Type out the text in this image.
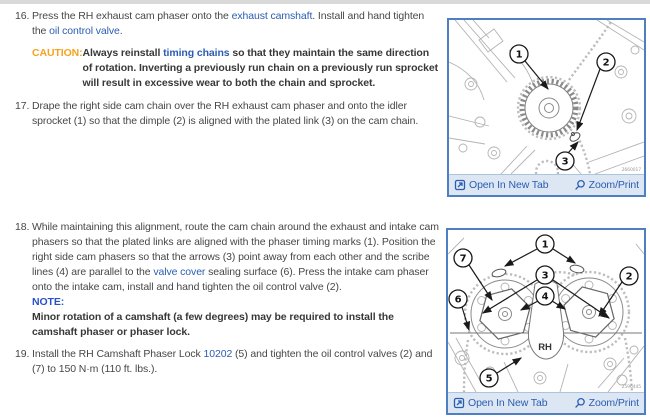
16. Press the RH exhaust cam phaser onto the exhaust camshaft. Install and hand tighten the oil control valve.
CAUTION: Always reinstall timing chains so that they maintain the same direction of rotation. Inverting a previously run chain on a previously run sprocket will result in excessive wear to both the chain and sprocket.
17. Drape the right side cam chain over the RH exhaust cam phaser and onto the idler sprocket (1) so that the dimple (2) is aligned with the plated link (3) on the cam chain.
18. While maintaining this alignment, route the cam chain around the exhaust and intake cam phasers so that the plated links are aligned with the phaser timing marks (1). Position the right side cam phasers so that the arrows (3) point away from each other and the scribe lines (4) are parallel to the valve cover sealing surface (6). Press the intake cam phaser onto the intake cam, install and hand tighten the oil control valve (2).
NOTE:
Minor rotation of a camshaft (a few degrees) may be required to install the camshaft phaser or phaser lock.
19. Install the RH Camshaft Phaser Lock 10202 (5) and tighten the oil control valves (2) and (7) to 150 N·m (110 ft. lbs.).
1
2
3
2660017
Open In New Tab	Zoom/Print
RH
1
7
2
3
4
6
5
2596445
Open In New Tab	Zoom/Print
